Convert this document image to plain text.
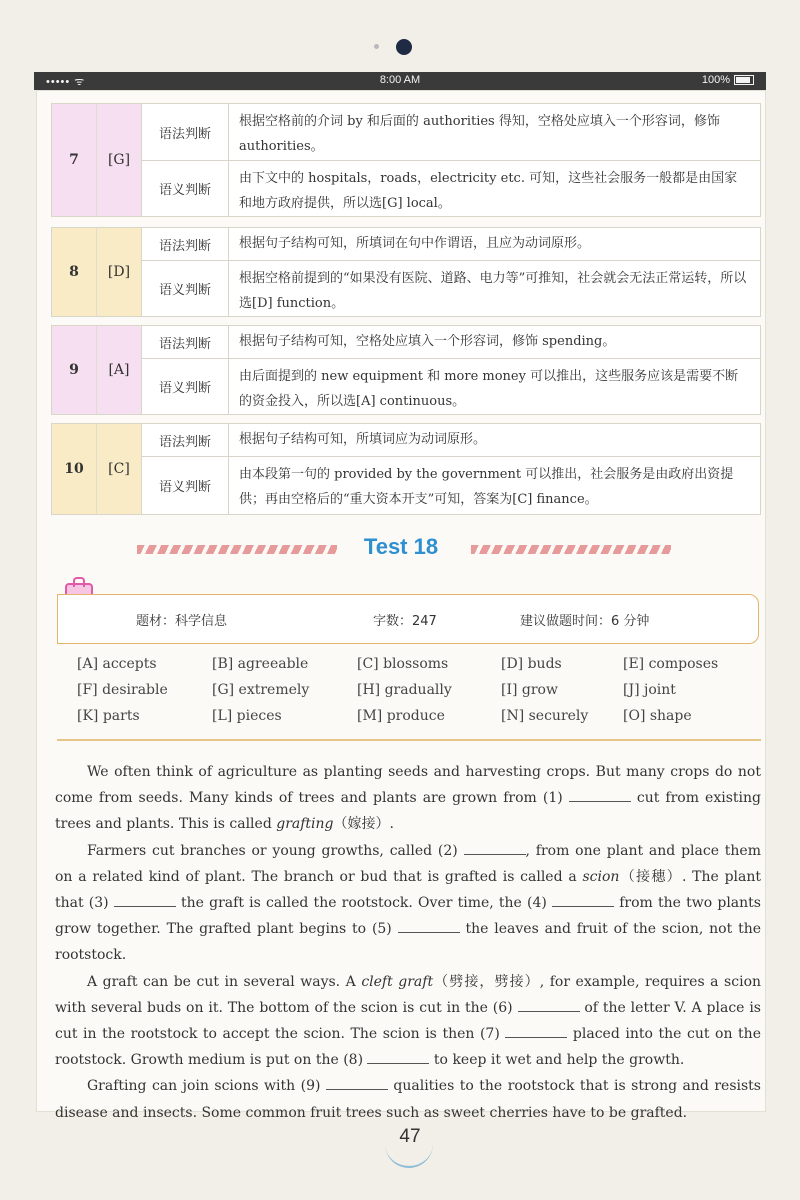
••••• ᯤ	8:00 AM	100%
7	[G]
语法判断
根据空格前的介词 by 和后面的 authorities 得知，空格处应填入一个形容词，修饰 authorities。
语义判断
由下文中的 hospitals，roads，electricity etc. 可知，这些社会服务一般都是由国家和地方政府提供，所以选[G] local。
8	[D]
语法判断	根据句子结构可知，所填词在句中作谓语，且应为动词原形。
语义判断
根据空格前提到的“如果没有医院、道路、电力等”可推知，社会就会无法正常运转，所以选[D] function。
9	[A]
语法判断	根据句子结构可知，空格处应填入一个形容词，修饰 spending。
语义判断
由后面提到的 new equipment 和 more money 可以推出，这些服务应该是需要不断的资金投入，所以选[A] continuous。
10	[C]
语法判断	根据句子结构可知，所填词应为动词原形。
语义判断
由本段第一句的 provided by the government 可以推出，社会服务是由政府出资提供；再由空格后的“重大资本开支”可知，答案为[C] finance。
Test 18
题材：科学信息	字数：247	建议做题时间：6 分钟
[A] accepts	[B] agreeable	[C] blossoms	[D] buds	[E] composes
[F] desirable	[G] extremely	[H] gradually	[I] grow	[J] joint
[K] parts	[L] pieces	[M] produce	[N] securely [O] shape

We often think of agriculture as planting seeds and harvesting crops. But many crops do not come from seeds. Many kinds of trees and plants are grown from (1)	cut from existing trees and plants. This is called grafting（嫁接）.

Farmers cut branches or young growths, called (2)	, from one plant and place them on a related kind of plant. The branch or bud that is grafted is called a scion（接穗）. The plant that (3)	the graft is called the rootstock. Over time, the (4)	from the two plants grow together. The grafted plant begins to (5)	the leaves and fruit of the scion, not the rootstock.

A graft can be cut in several ways. A cleft graft（劈接，劈接）, for example, requires a scion with several buds on it. The bottom of the scion is cut in the (6)	of the letter V. A place is cut in the rootstock to accept the scion. The scion is then (7)	placed into the cut on the rootstock. Growth medium is put on the (8)	to keep it wet and help the growth.

Grafting can join scions with (9)	qualities to the rootstock that is strong and resists disease and insects. Some common fruit trees such as sweet cherries have to be grafted.

47
